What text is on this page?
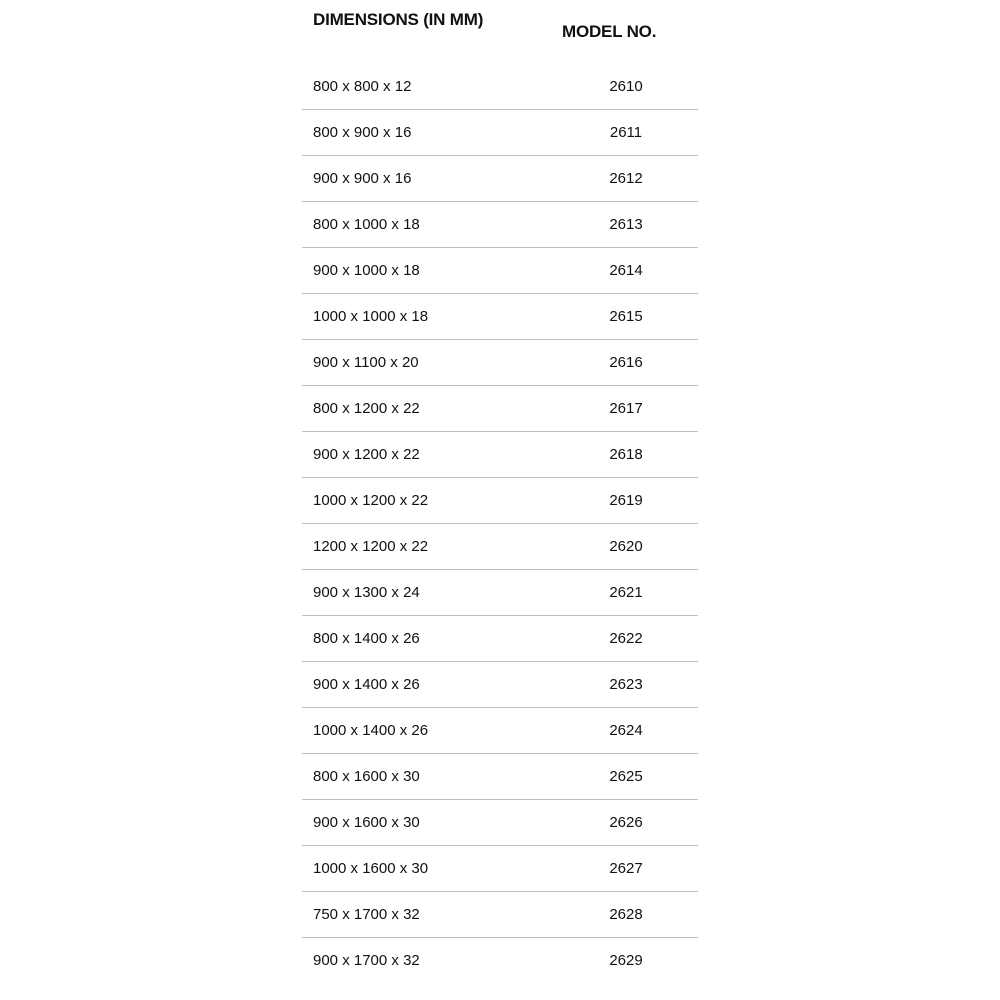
DIMENSIONS (IN MM)
MODEL NO.
800 x 800 x 12	2610
800 x 900 x 16	2611
900 x 900 x 16	2612
800 x 1000 x 18	2613
900 x 1000 x 18	2614
1000 x 1000 x 18	2615
900 x 1100 x 20	2616
800 x 1200 x 22	2617
900 x 1200 x 22	2618
1000 x 1200 x 22	2619
1200 x 1200 x 22	2620
900 x 1300 x 24	2621
800 x 1400 x 26	2622
900 x 1400 x 26	2623
1000 x 1400 x 26	2624
800 x 1600 x 30	2625
900 x 1600 x 30	2626
1000 x 1600 x 30	2627
750 x 1700 x 32	2628
900 x 1700 x 32	2629
